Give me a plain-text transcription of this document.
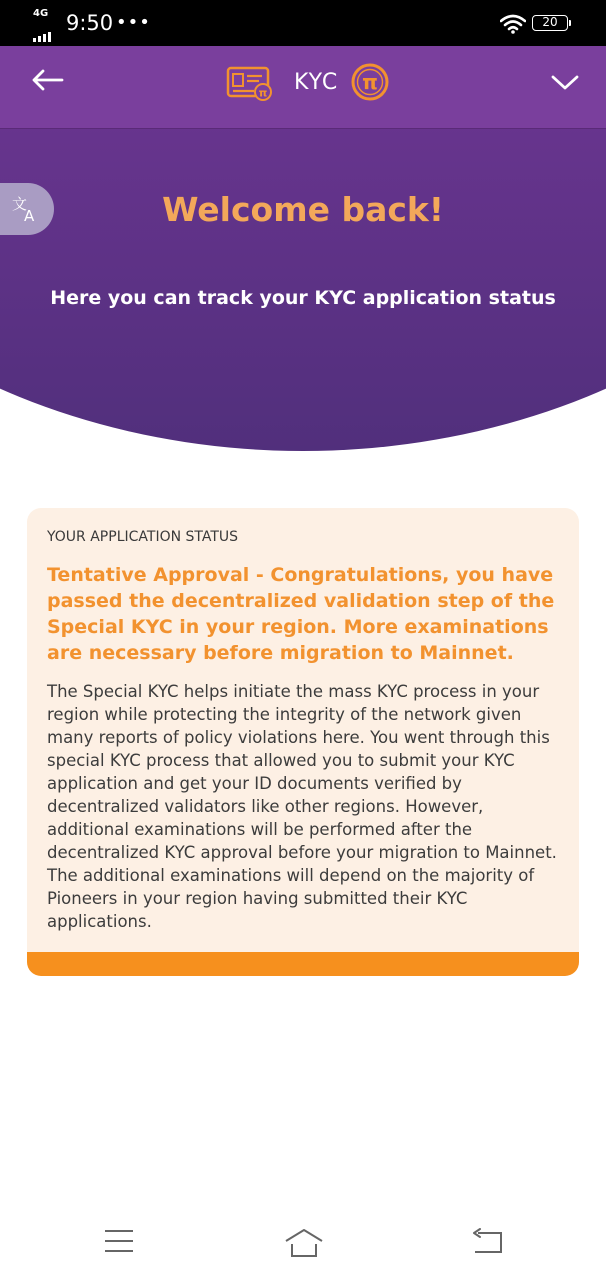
4G 9:50 •••	20
π KYC π
文
A	Welcome back!
Here you can track your KYC application status
YOUR APPLICATION STATUS
Tentative Approval - Congratulations, you have passed the decentralized validation step of the Special KYC in your region. More examinations are necessary before migration to Mainnet.
The Special KYC helps initiate the mass KYC process in your region while protecting the integrity of the network given many reports of policy violations here. You went through this special KYC process that allowed you to submit your KYC application and get your ID documents verified by decentralized validators like other regions. However, additional examinations will be performed after the decentralized KYC approval before your migration to Mainnet. The additional examinations will depend on the majority of Pioneers in your region having submitted their KYC applications.
